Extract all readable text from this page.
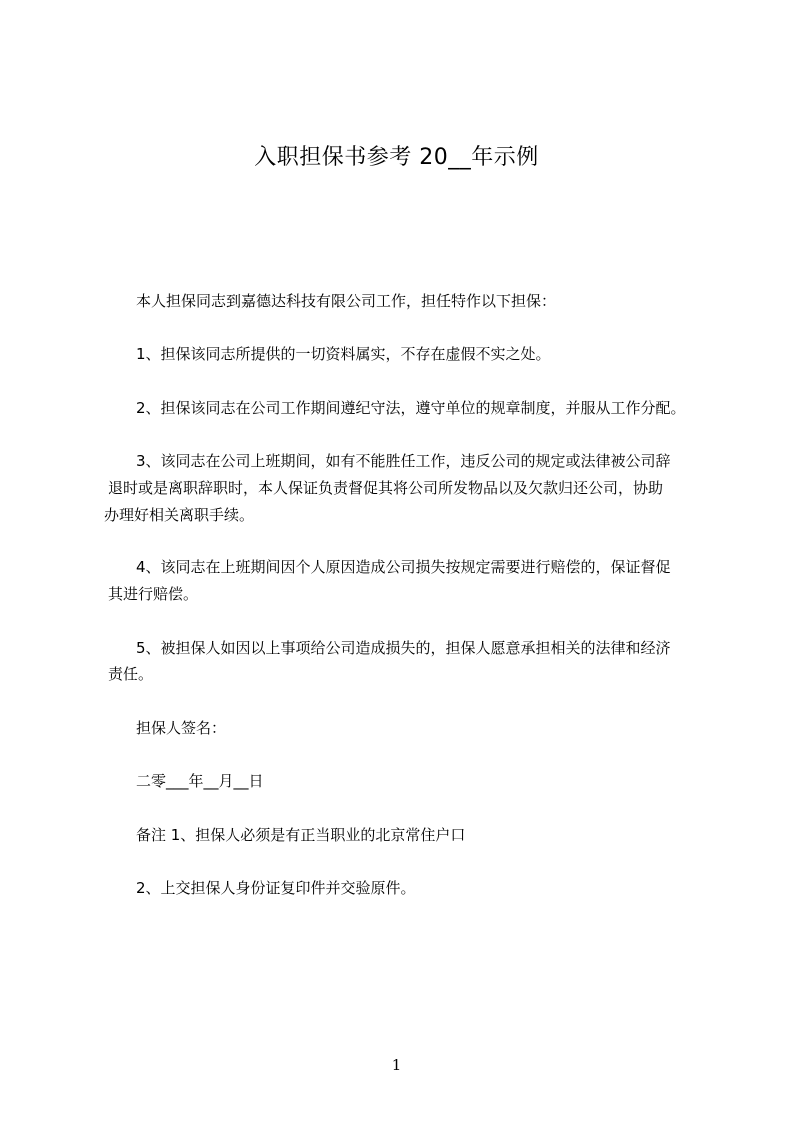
入职担保书参考 20__年示例
本人担保同志到嘉德达科技有限公司工作，担任特作以下担保：
1、担保该同志所提供的一切资料属实，不存在虚假不实之处。
2、担保该同志在公司工作期间遵纪守法，遵守单位的规章制度，并服从工作分配。
3、该同志在公司上班期间，如有不能胜任工作，违反公司的规定或法律被公司辞
退时或是离职辞职时，本人保证负责督促其将公司所发物品以及欠款归还公司，协助
办理好相关离职手续。
4、该同志在上班期间因个人原因造成公司损失按规定需要进行赔偿的，保证督促
其进行赔偿。
5、被担保人如因以上事项给公司造成损失的，担保人愿意承担相关的法律和经济
责任。
担保人签名：
二零___年__月__日
备注 1、担保人必须是有正当职业的北京常住户口
2、上交担保人身份证复印件并交验原件。
1
